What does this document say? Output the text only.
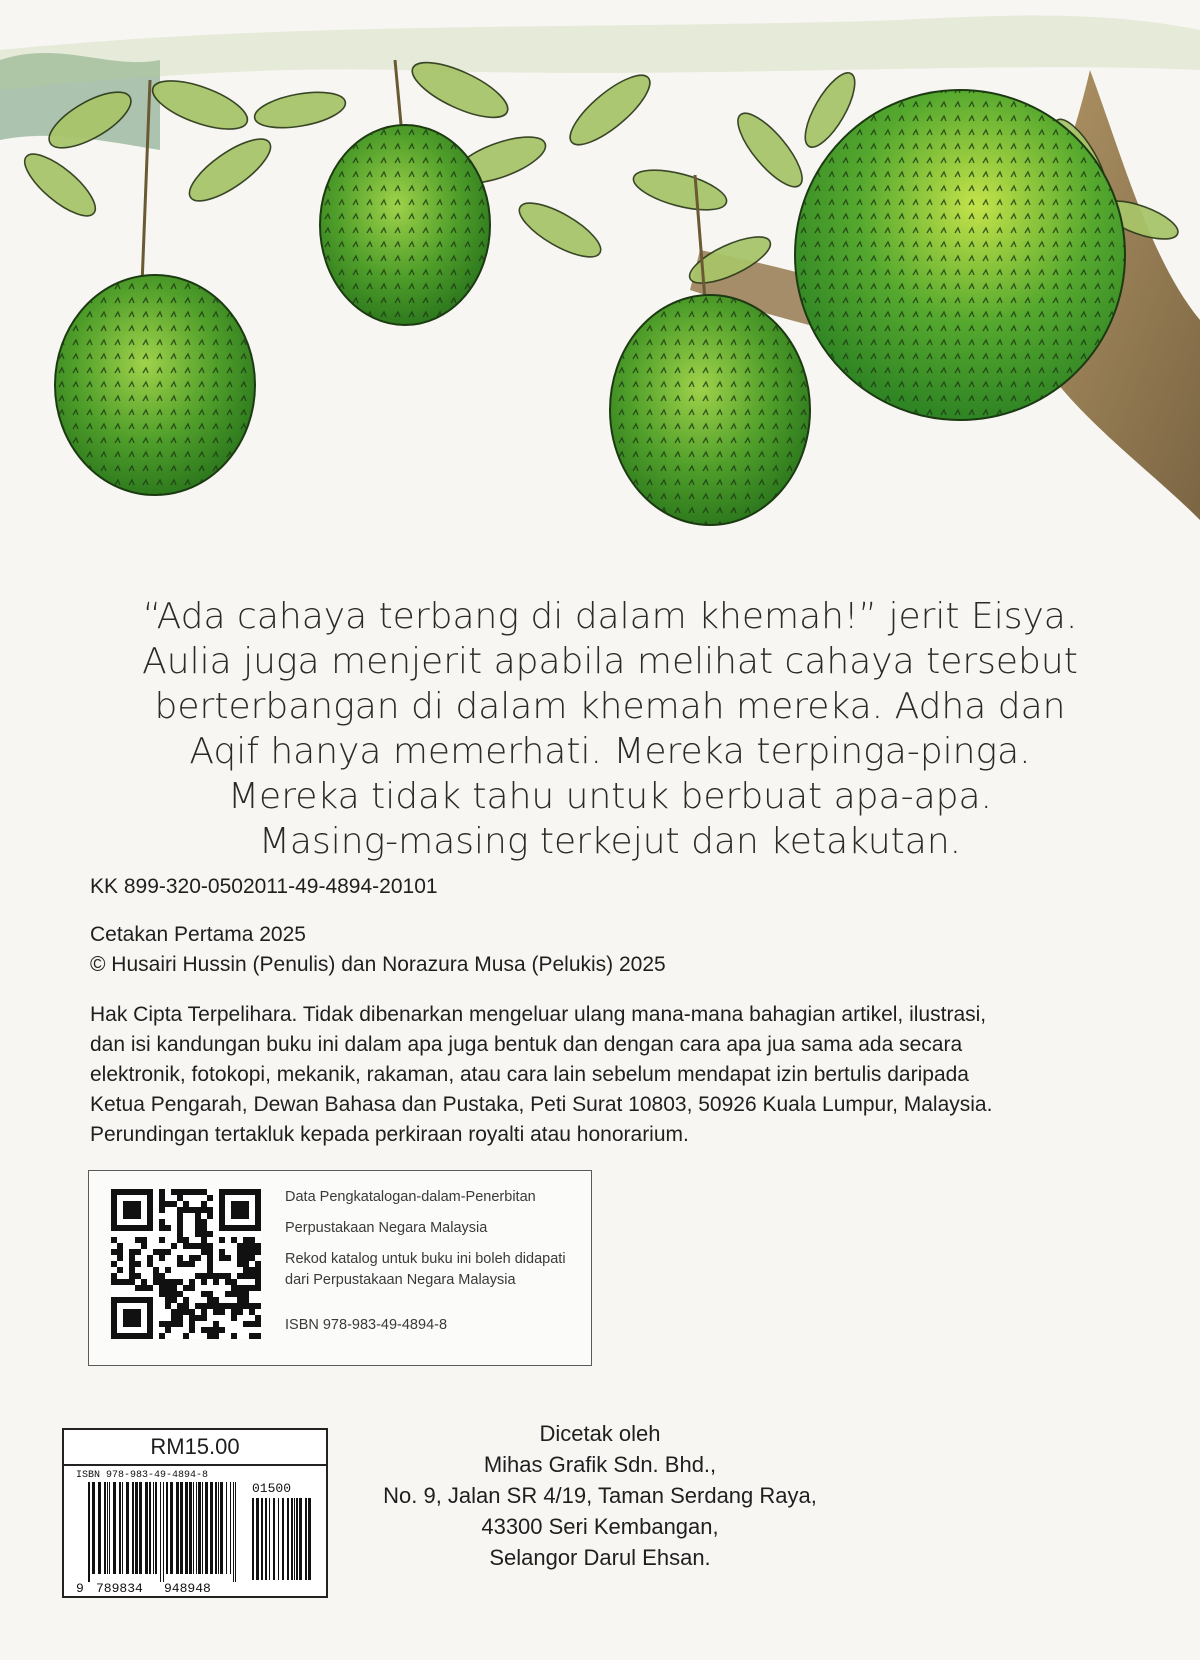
“Ada cahaya terbang di dalam khemah!” jerit Eisya.
Aulia juga menjerit apabila melihat cahaya tersebut
berterbangan di dalam khemah mereka. Adha dan
Aqif hanya memerhati. Mereka terpinga-pinga.
Mereka tidak tahu untuk berbuat apa-apa.
Masing-masing terkejut dan ketakutan.
KK 899-320-0502011-49-4894-20101
Cetakan Pertama 2025
© Husairi Hussin (Penulis) dan Norazura Musa (Pelukis) 2025
Hak Cipta Terpelihara. Tidak dibenarkan mengeluar ulang mana-mana bahagian artikel, ilustrasi,
dan isi kandungan buku ini dalam apa juga bentuk dan dengan cara apa jua sama ada secara
elektronik, fotokopi, mekanik, rakaman, atau cara lain sebelum mendapat izin bertulis daripada
Ketua Pengarah, Dewan Bahasa dan Pustaka, Peti Surat 10803, 50926 Kuala Lumpur, Malaysia.
Perundingan tertakluk kepada perkiraan royalti atau honorarium.
Data Pengkatalogan-dalam-Penerbitan
Perpustakaan Negara Malaysia
Rekod katalog untuk buku ini boleh didapati
dari Perpustakaan Negara Malaysia
ISBN 978-983-49-4894-8
RM15.00
ISBN 978-983-49-4894-8
01500
9 789834 948948
Dicetak oleh
Mihas Grafik Sdn. Bhd.,
No. 9, Jalan SR 4/19, Taman Serdang Raya,
43300 Seri Kembangan,
Selangor Darul Ehsan.
